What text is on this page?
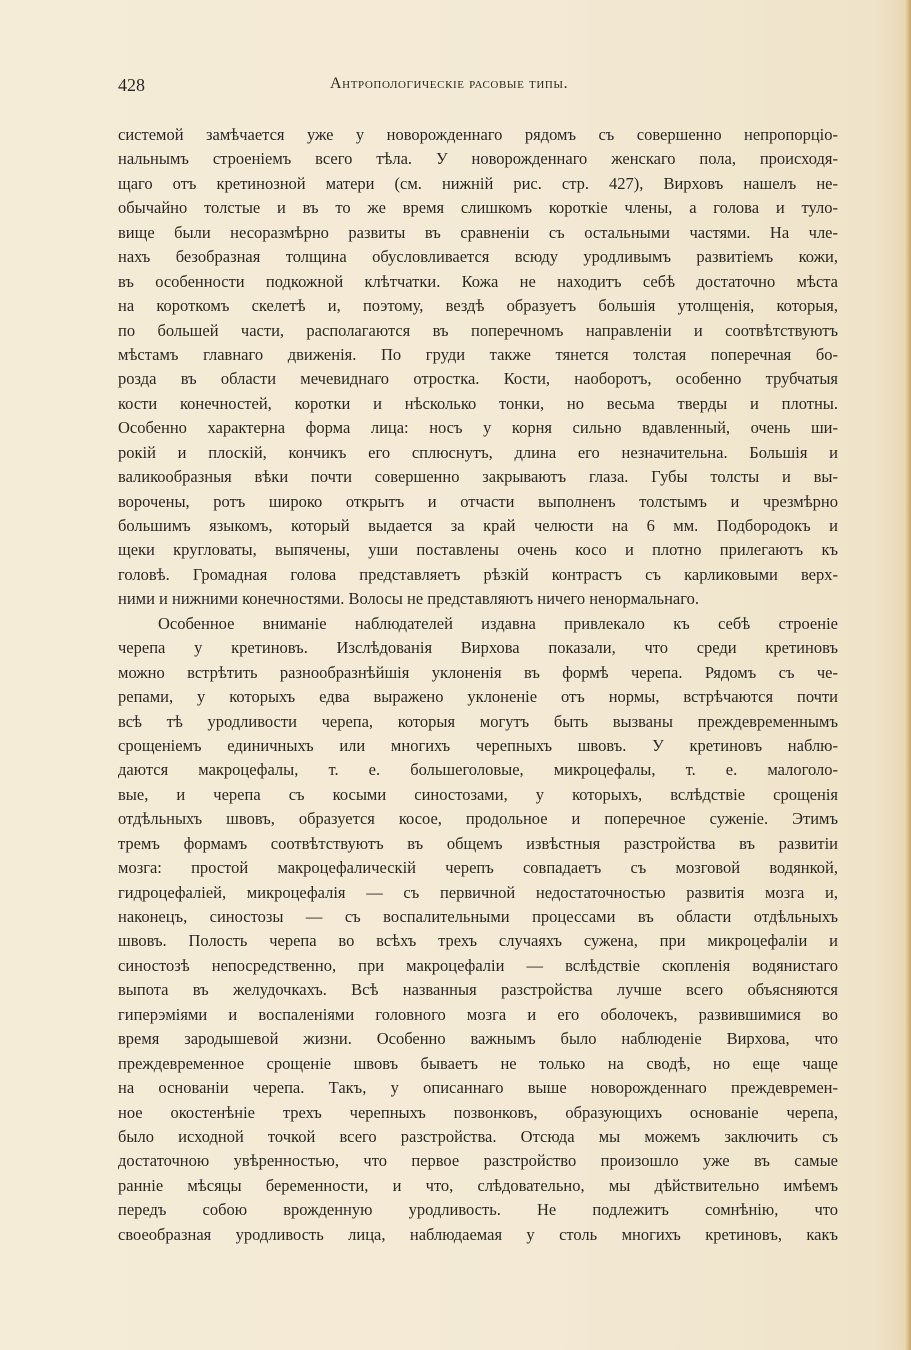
428	Антропологическіе расовые типы.
системой замѣчается уже у новорожденнаго рядомъ съ совершенно непропорціо-
нальнымъ строеніемъ всего тѣла. У новорожденнаго женскаго пола, происходя-
щаго отъ кретинозной матери (см. нижній рис. стр. 427), Вирховъ нашелъ не-
обычайно толстые и въ то же время слишкомъ короткіе члены, а голова и туло-
вище были несоразмѣрно развиты въ сравненіи съ остальными частями. На чле-
нахъ безобразная толщина обусловливается всюду уродливымъ развитіемъ кожи,
въ особенности подкожной клѣтчатки. Кожа не находитъ себѣ достаточно мѣста
на короткомъ скелетѣ и, поэтому, вездѣ образуетъ большія утолщенія, которыя,
по большей части, располагаются въ поперечномъ направленіи и соотвѣтствуютъ
мѣстамъ главнаго движенія. По груди также тянется толстая поперечная бо-
розда въ области мечевиднаго отростка. Кости, наоборотъ, особенно трубчатыя
кости конечностей, коротки и нѣсколько тонки, но весьма тверды и плотны.
Особенно характерна форма лица: носъ у корня сильно вдавленный, очень ши-
рокій и плоскій, кончикъ его сплюснутъ, длина его незначительна. Большія и
валикообразныя вѣки почти совершенно закрываютъ глаза. Губы толсты и вы-
ворочены, ротъ широко открытъ и отчасти выполненъ толстымъ и чрезмѣрно
большимъ языкомъ, который выдается за край челюсти на 6 мм. Подбородокъ и
щеки кругловаты, выпячены, уши поставлены очень косо и плотно прилегаютъ къ
головѣ. Громадная голова представляетъ рѣзкій контрастъ съ карликовыми верх-
ними и нижними конечностями. Волосы не представляютъ ничего ненормальнаго.
Особенное вниманіе наблюдателей издавна привлекало къ себѣ строеніе
черепа у кретиновъ. Изслѣдованія Вирхова показали, что среди кретиновъ
можно встрѣтить разнообразнѣйшія уклоненія въ формѣ черепа. Рядомъ съ че-
репами, у которыхъ едва выражено уклоненіе отъ нормы, встрѣчаются почти
всѣ тѣ уродливости черепа, которыя могутъ быть вызваны преждевременнымъ
срощеніемъ единичныхъ или многихъ черепныхъ швовъ. У кретиновъ наблю-
даются макроцефалы, т. е. большеголовые, микроцефалы, т. е. малоголо-
вые, и черепа съ косыми синостозами, у которыхъ, вслѣдствіе срощенія
отдѣльныхъ швовъ, образуется косое, продольное и поперечное суженіе. Этимъ
тремъ формамъ соотвѣтствуютъ въ общемъ извѣстныя разстройства въ развитіи
мозга: простой макроцефалическій черепъ совпадаетъ съ мозговой водянкой,
гидроцефаліей, микроцефалія — съ первичной недостаточностью развитія мозга и,
наконецъ, синостозы — съ воспалительными процессами въ области отдѣльныхъ
швовъ. Полость черепа во всѣхъ трехъ случаяхъ сужена, при микроцефаліи и
синостозѣ непосредственно, при макроцефаліи — вслѣдствіе скопленія водянистаго
выпота въ желудочкахъ. Всѣ названныя разстройства лучше всего объясняются
гиперэміями и воспаленіями головного мозга и его оболочекъ, развившимися во
время зародышевой жизни. Особенно важнымъ было наблюденіе Вирхова, что
преждевременное срощеніе швовъ бываетъ не только на сводѣ, но еще чаще
на основаніи черепа. Такъ, у описаннаго выше новорожденнаго преждевремен-
ное окостенѣніе трехъ черепныхъ позвонковъ, образующихъ основаніе черепа,
было исходной точкой всего разстройства. Отсюда мы можемъ заключить съ
достаточною увѣренностью, что первое разстройство произошло уже въ самые
ранніе мѣсяцы беременности, и что, слѣдовательно, мы дѣйствительно имѣемъ
передъ собою врожденную уродливость. Не подлежитъ сомнѣнію, что
своеобразная уродливость лица, наблюдаемая у столь многихъ кретиновъ, какъ
